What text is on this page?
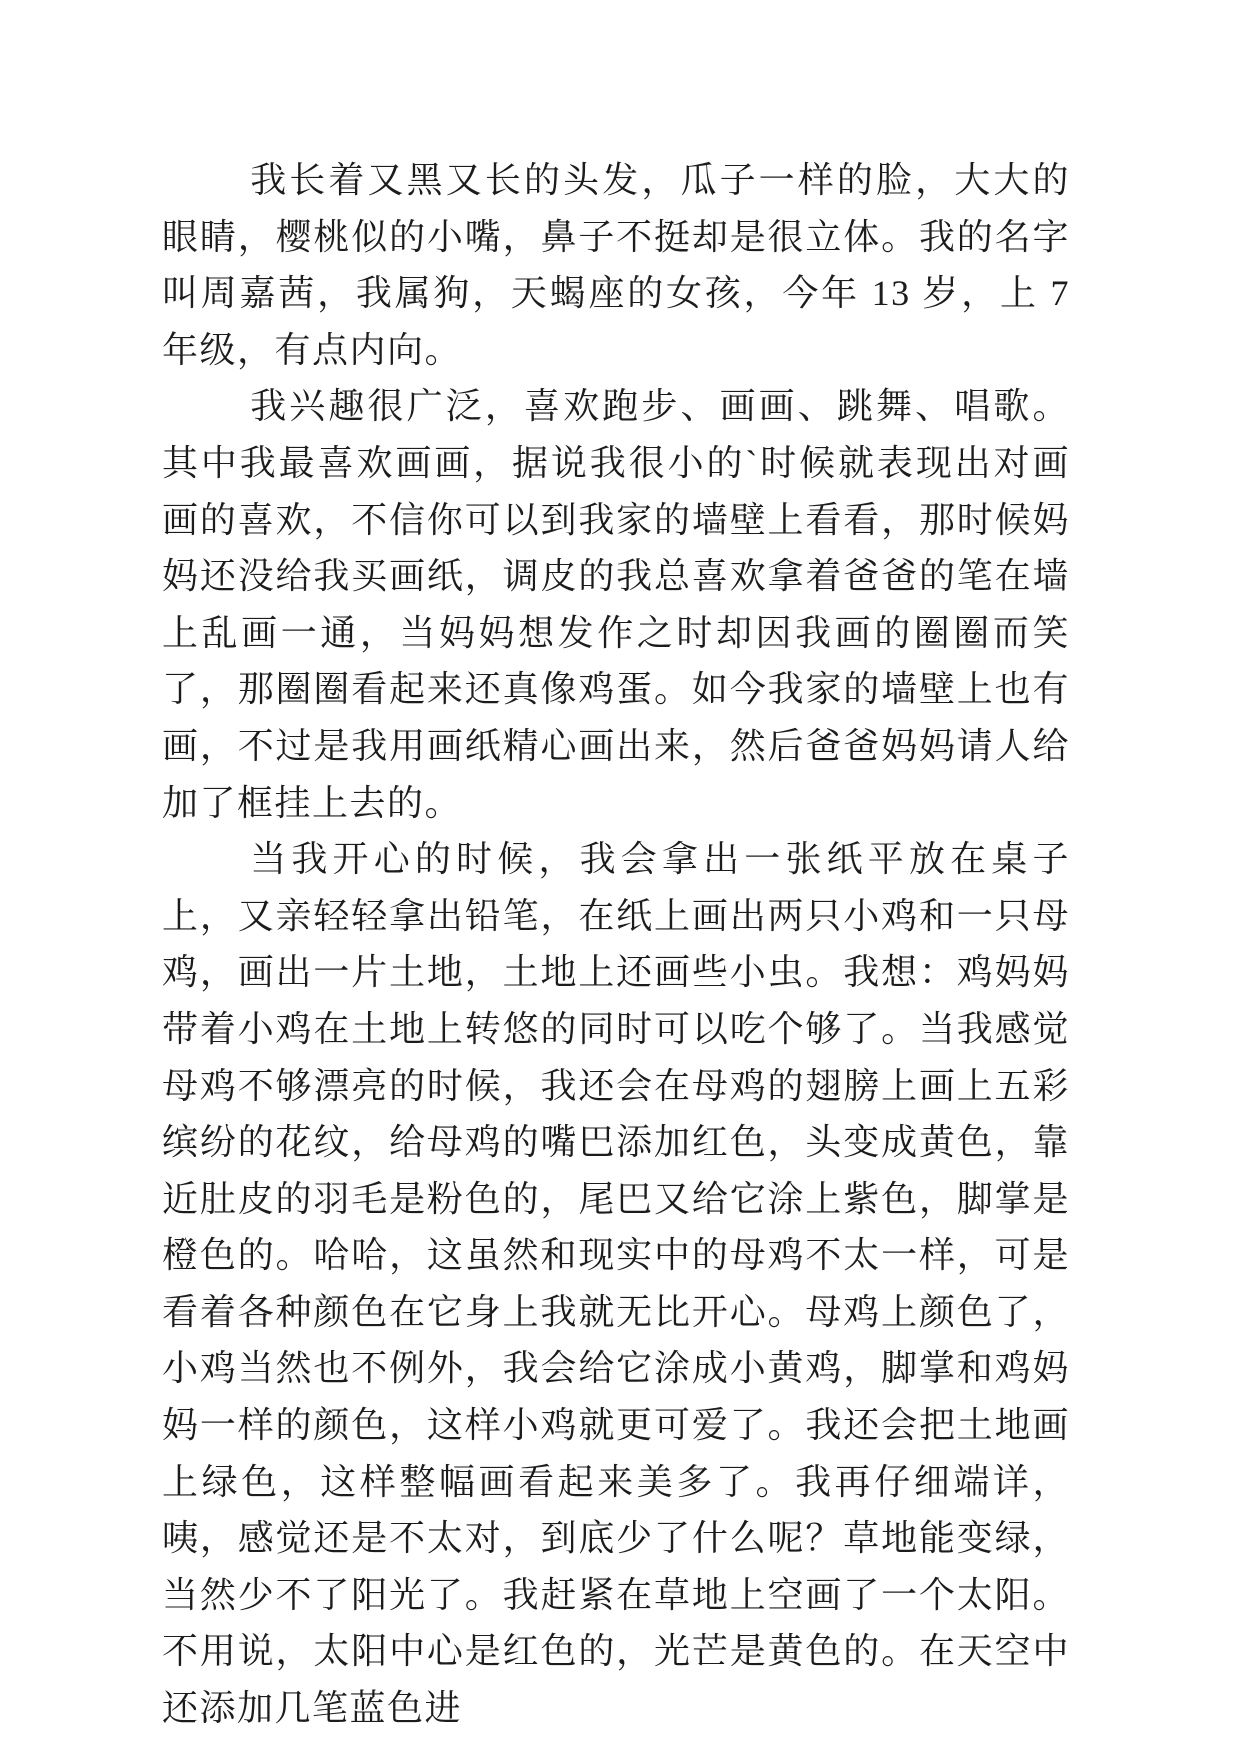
我长着又黑又长的头发，瓜子一样的脸，大大的眼睛，樱桃似的小嘴，鼻子不挺却是很立体。我的名字叫周嘉茜，我属狗，天蝎座的女孩，今年 13 岁，上 7 年级，有点内向。

我兴趣很广泛，喜欢跑步、画画、跳舞、唱歌。其中我最喜欢画画，据说我很小的`时候就表现出对画画的喜欢，不信你可以到我家的墙壁上看看，那时候妈妈还没给我买画纸，调皮的我总喜欢拿着爸爸的笔在墙上乱画一通，当妈妈想发作之时却因我画的圈圈而笑了，那圈圈看起来还真像鸡蛋。如今我家的墙壁上也有画，不过是我用画纸精心画出来，然后爸爸妈妈请人给加了框挂上去的。

当我开心的时候，我会拿出一张纸平放在桌子上，又亲轻轻拿出铅笔，在纸上画出两只小鸡和一只母鸡，画出一片土地，土地上还画些小虫。我想：鸡妈妈带着小鸡在土地上转悠的同时可以吃个够了。当我感觉母鸡不够漂亮的时候，我还会在母鸡的翅膀上画上五彩缤纷的花纹，给母鸡的嘴巴添加红色，头变成黄色，靠近肚皮的羽毛是粉色的，尾巴又给它涂上紫色，脚掌是橙色的。哈哈，这虽然和现实中的母鸡不太一样，可是看着各种颜色在它身上我就无比开心。母鸡上颜色了，小鸡当然也不例外，我会给它涂成小黄鸡，脚掌和鸡妈妈一样的颜色，这样小鸡就更可爱了。我还会把土地画上绿色，这样整幅画看起来美多了。我再仔细端详，咦，感觉还是不太对，到底少了什么呢？草地能变绿，当然少不了阳光了。我赶紧在草地上空画了一个太阳。不用说，太阳中心是红色的，光芒是黄色的。在天空中还添加几笔蓝色进
